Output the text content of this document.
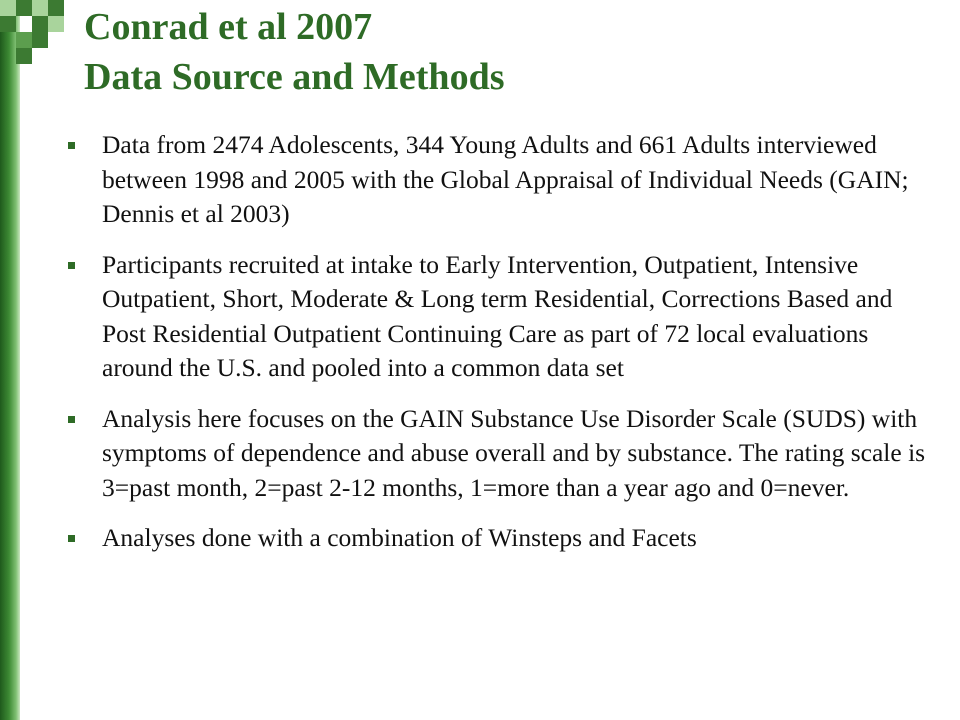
Conrad et al 2007
Data Source and Methods
Data from 2474 Adolescents, 344 Young Adults and 661 Adults interviewed between 1998 and 2005 with the Global Appraisal of Individual Needs (GAIN; Dennis et al 2003)
Participants recruited at intake to Early Intervention, Outpatient, Intensive Outpatient, Short, Moderate & Long term Residential, Corrections Based and Post Residential Outpatient Continuing Care as part of 72 local evaluations around the U.S. and pooled into a common data set
Analysis here focuses on the GAIN Substance Use Disorder Scale (SUDS) with symptoms of dependence and abuse overall and by substance. The rating scale is 3=past month, 2=past 2-12 months, 1=more than a year ago and 0=never.
Analyses done with a combination of Winsteps and Facets
